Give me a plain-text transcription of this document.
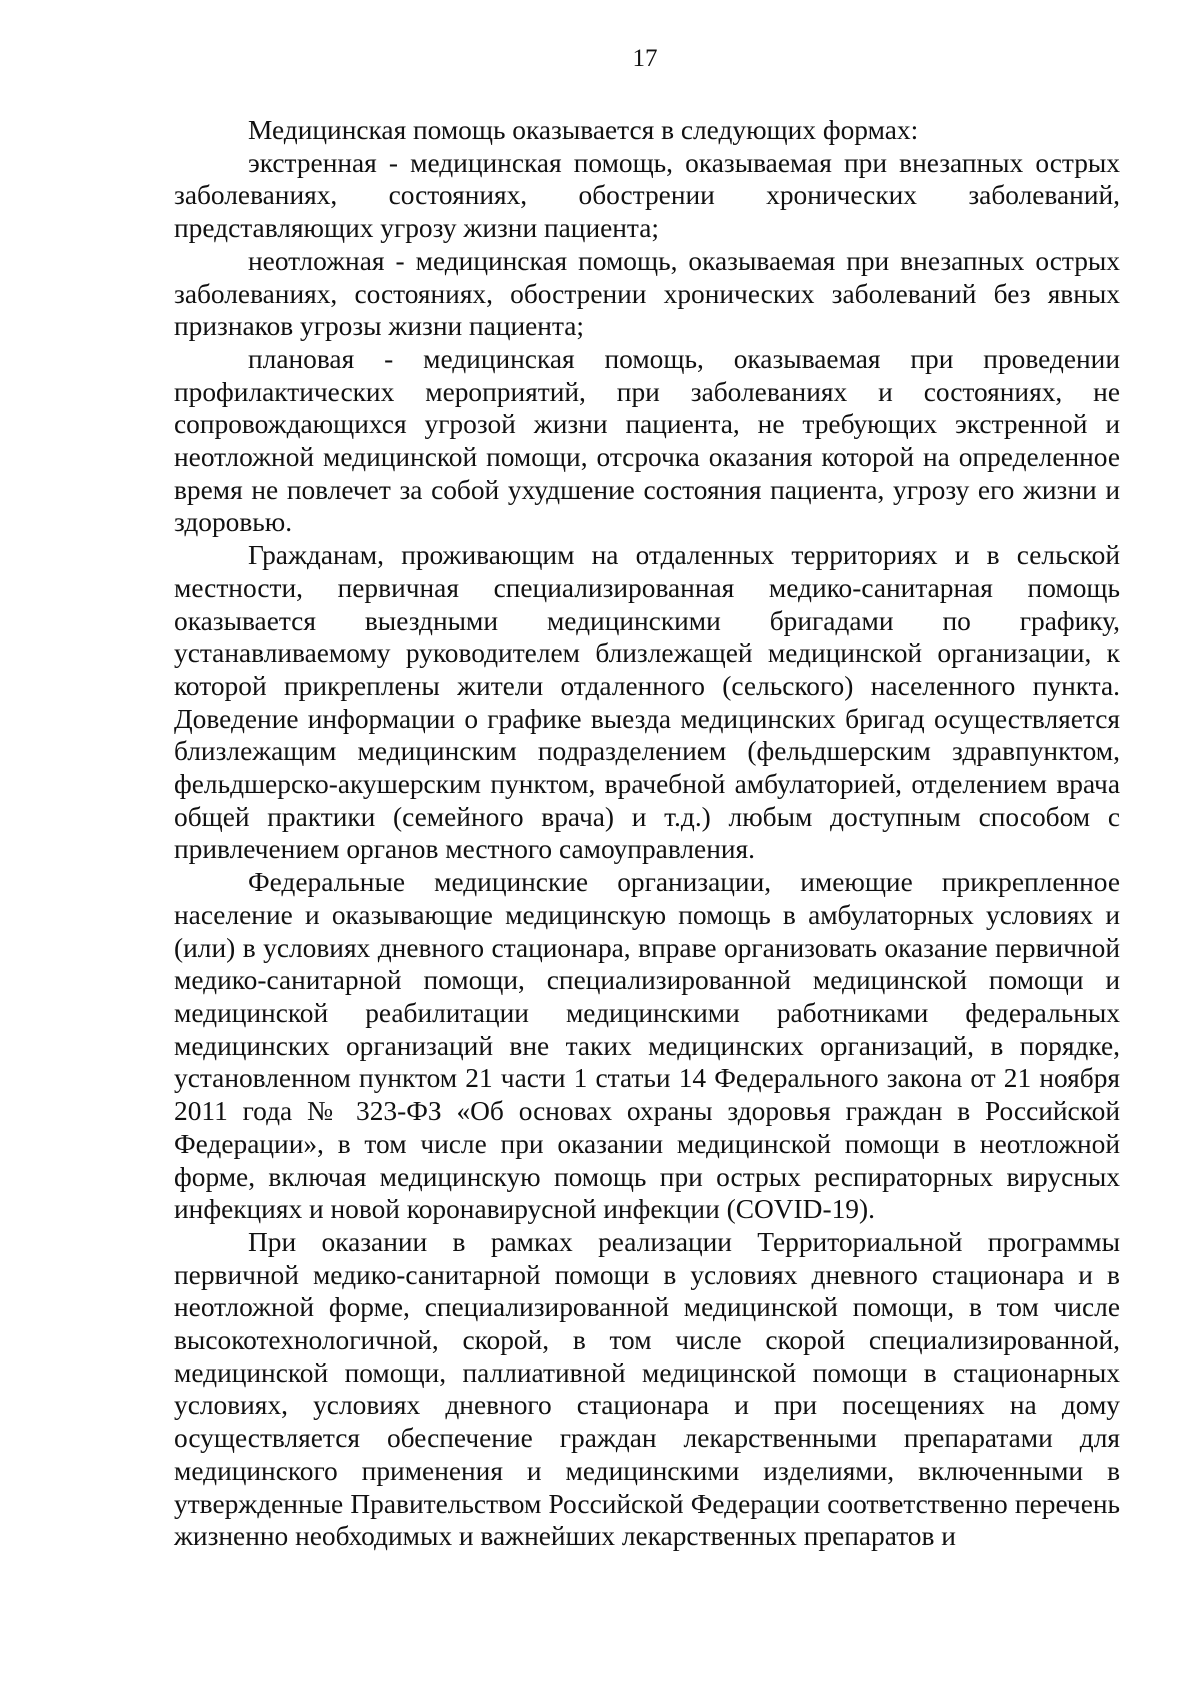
17

Медицинская помощь оказывается в следующих формах:

экстренная - медицинская помощь, оказываемая при внезапных острых заболеваниях, состояниях, обострении хронических заболеваний, представляющих угрозу жизни пациента;

неотложная - медицинская помощь, оказываемая при внезапных острых заболеваниях, состояниях, обострении хронических заболеваний без явных признаков угрозы жизни пациента;

плановая - медицинская помощь, оказываемая при проведении профилактических мероприятий, при заболеваниях и состояниях, не сопровождающихся угрозой жизни пациента, не требующих экстренной и неотложной медицинской помощи, отсрочка оказания которой на определенное время не повлечет за собой ухудшение состояния пациента, угрозу его жизни и здоровью.

Гражданам, проживающим на отдаленных территориях и в сельской местности, первичная специализированная медико-санитарная помощь оказывается выездными медицинскими бригадами по графику, устанавливаемому руководителем близлежащей медицинской организации, к которой прикреплены жители отдаленного (сельского) населенного пункта. Доведение информации о графике выезда медицинских бригад осуществляется близлежащим медицинским подразделением (фельдшерским здравпунктом, фельдшерско-акушерским пунктом, врачебной амбулаторией, отделением врача общей практики (семейного врача) и т.д.) любым доступным способом с привлечением органов местного самоуправления.

Федеральные медицинские организации, имеющие прикрепленное население и оказывающие медицинскую помощь в амбулаторных условиях и (или) в условиях дневного стационара, вправе организовать оказание первичной медико-санитарной помощи, специализированной медицинской помощи и медицинской реабилитации медицинскими работниками федеральных медицинских организаций вне таких медицинских организаций, в порядке, установленном пунктом 21 части 1 статьи 14 Федерального закона от 21 ноября 2011 года № 323-ФЗ «Об основах охраны здоровья граждан в Российской Федерации», в том числе при оказании медицинской помощи в неотложной форме, включая медицинскую помощь при острых респираторных вирусных инфекциях и новой коронавирусной инфекции (COVID-19).

При оказании в рамках реализации Территориальной программы первичной медико-санитарной помощи в условиях дневного стационара и в неотложной форме, специализированной медицинской помощи, в том числе высокотехнологичной, скорой, в том числе скорой специализированной, медицинской помощи, паллиативной медицинской помощи в стационарных условиях, условиях дневного стационара и при посещениях на дому осуществляется обеспечение граждан лекарственными препаратами для медицинского применения и медицинскими изделиями, включенными в утвержденные Правительством Российской Федерации соответственно перечень жизненно необходимых и важнейших лекарственных препаратов и
